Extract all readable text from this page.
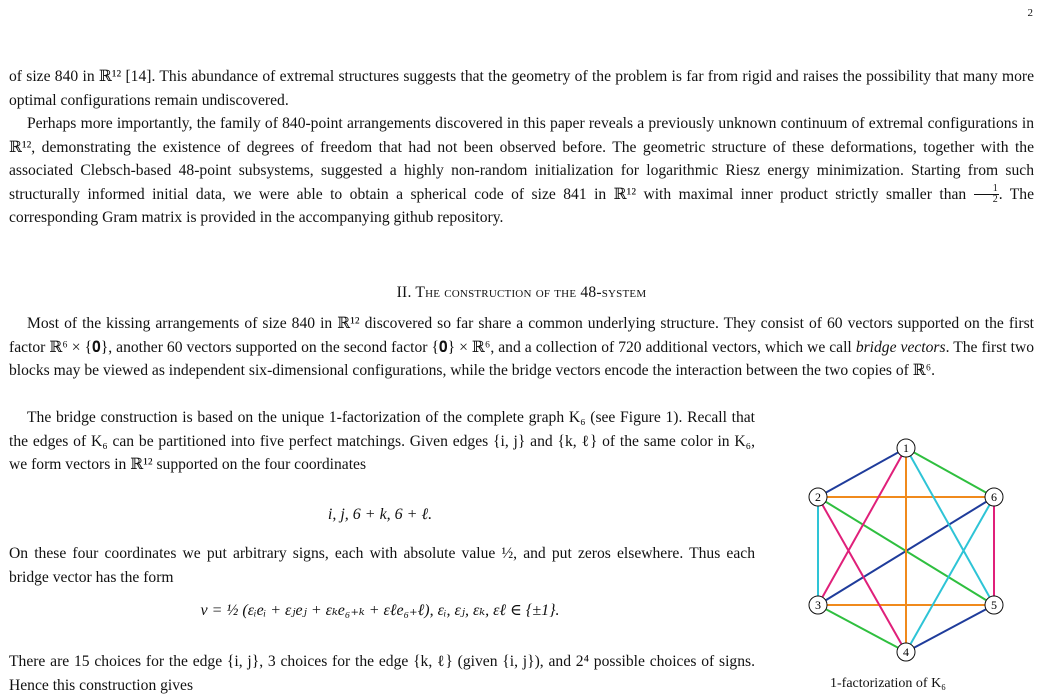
2

of size 840 in ℝ¹² [14]. This abundance of extremal structures suggests that the geometry of the problem is far from rigid and raises the possibility that many more optimal configurations remain undiscovered.

Perhaps more importantly, the family of 840-point arrangements discovered in this paper reveals a previously unknown continuum of extremal configurations in ℝ¹², demonstrating the existence of degrees of freedom that had not been observed before. The geometric structure of these deformations, together with the associated Clebsch-based 48-point subsystems, suggested a highly non-random initialization for logarithmic Riesz energy minimization. Starting from such structurally informed initial data, we were able to obtain a spherical code of size 841 in ℝ¹² with maximal inner product strictly smaller than $\frac{1}{2}$ . The corresponding Gram matrix is provided in the accompanying github repository.

II. The construction of the 48-system

Most of the kissing arrangements of size 840 in ℝ¹² discovered so far share a common underlying structure. They consist of 60 vectors supported on the first factor ℝ⁶ × {𝟎}, another 60 vectors supported on the second factor {𝟎} × ℝ⁶, and a collection of 720 additional vectors, which we call bridge vectors. The first two blocks may be viewed as independent six-dimensional configurations, while the bridge vectors encode the interaction between the two copies of ℝ⁶.

The bridge construction is based on the unique 1-factorization of the complete graph K₆ (see Figure 1). Recall that the edges of K₆ can be partitioned into five perfect matchings. Given edges {i, j} and {k, ℓ} of the same color in K₆, we form vectors in ℝ¹² supported on the four coordinates

i, j, 6 + k, 6 + ℓ.

On these four coordinates we put arbitrary signs, each with absolute value ½, and put zeros elsewhere. Thus each bridge vector has the form

v = ½ (εᵢeᵢ + εⱼeⱼ + εₖe₆₊ₖ + εℓe₆₊ℓ), εᵢ, εⱼ, εₖ, εℓ ∈ {±1}.

There are 15 choices for the edge {i, j}, 3 choices for the edge {k, ℓ} (given {i, j}), and 2⁴ possible choices of signs. Hence this construction gives

1
2
3
4
5
6
1-factorization of K₆
